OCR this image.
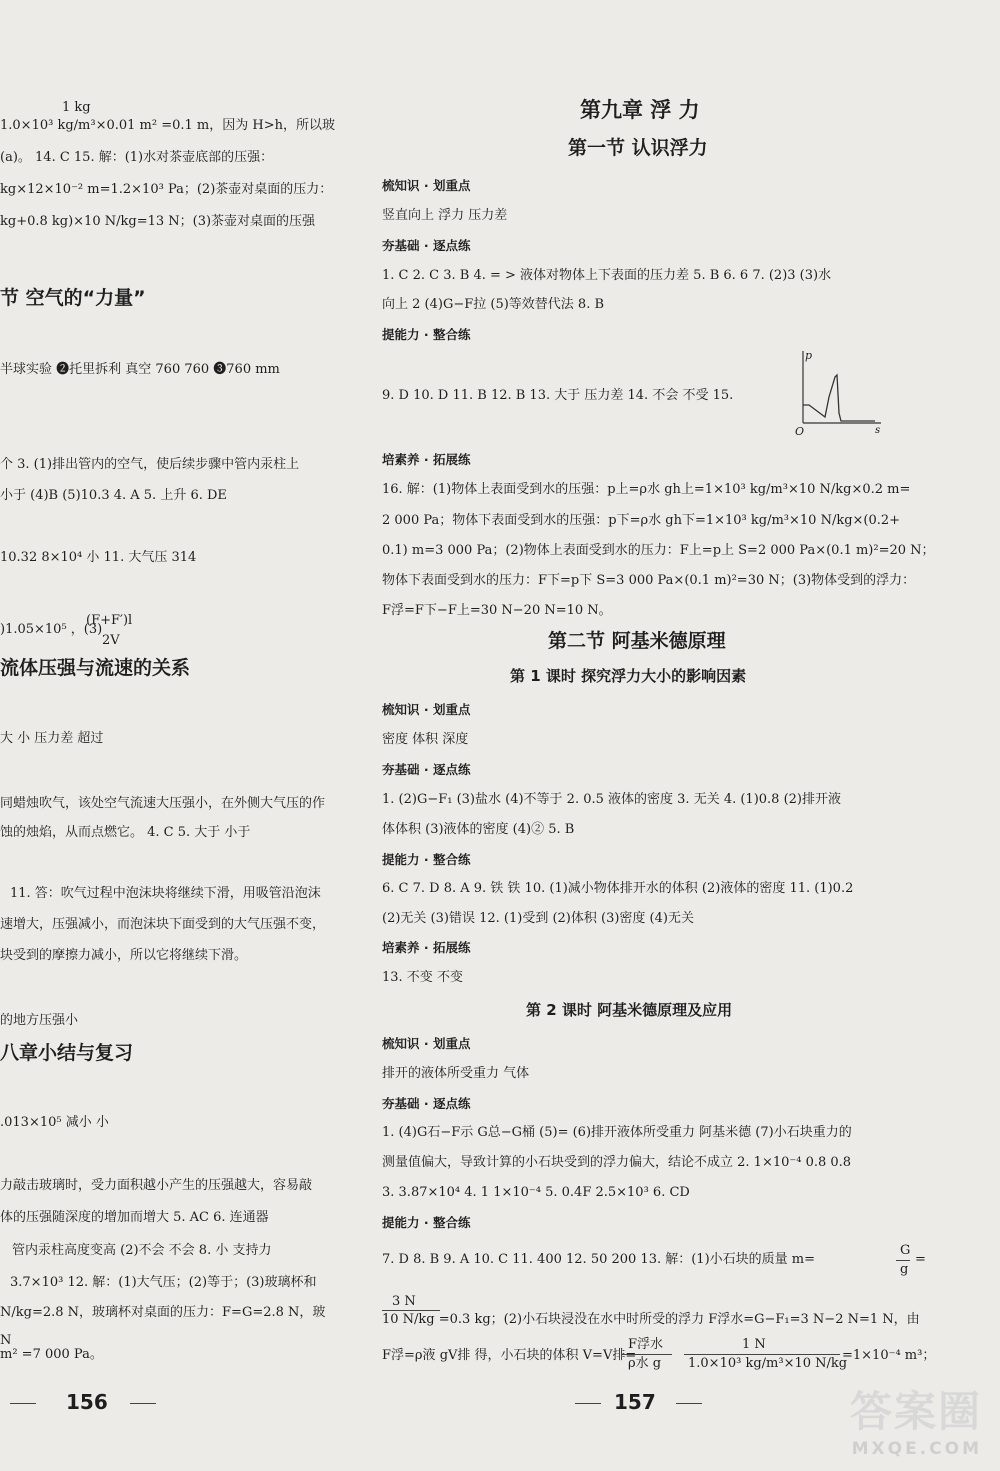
1 kg
1.0×10³ kg/m³×0.01 m² =0.1 m，因为 H>h，所以玻
(a)。 14. C 15. 解：(1)水对茶壶底部的压强：
kg×12×10⁻² m=1.2×10³ Pa；(2)茶壶对桌面的压力：
kg+0.8 kg)×10 N/kg=13 N；(3)茶壶对桌面的压强
节 空气的“力量”
半球实验 ❷托里拆利 真空 760 760 ❸760 mm
个 3. (1)排出管内的空气，使后续步骤中管内汞柱上
小于 (4)B (5)10.3 4. A 5. 上升 6. DE
10.32 8×10⁴ 小 11. 大气压 314
(F+F′)l
)1.05×10⁵ ，(3)
2V
流体压强与流速的关系
大 小 压力差 超过
同蜡烛吹气，该处空气流速大压强小，在外侧大气压的作
蚀的烛焰，从而点燃它。 4. C 5. 大于 小于
11. 答：吹气过程中泡沫块将继续下滑，用吸管沿泡沫
速增大，压强减小，而泡沫块下面受到的大气压强不变，
块受到的摩擦力减小，所以它将继续下滑。
的地方压强小
八章小结与复习
.013×10⁵ 减小 小
力敲击玻璃时，受力面积越小产生的压强越大，容易敲
体的压强随深度的增加而增大 5. AC 6. 连通器
管内汞柱高度变高 (2)不会 不会 8. 小 支持力
3.7×10³ 12. 解：(1)大气压；(2)等于；(3)玻璃杯和
N/kg=2.8 N，玻璃杯对桌面的压力：F=G=2.8 N，玻
N
m² =7 000 Pa。
p
s
O
第九章 浮 力
第一节 认识浮力
梳知识 · 划重点
竖直向上 浮力 压力差
夯基础 · 逐点练
1. C 2. C 3. B 4. = > 液体对物体上下表面的压力差 5. B 6. 6 7. (2)3 (3)水
向上 2 (4)G−F拉 (5)等效替代法 8. B
提能力 · 整合练
9. D 10. D 11. B 12. B 13. 大于 压力差 14. 不会 不受 15.
培素养 · 拓展练
16. 解：(1)物体上表面受到水的压强：p上=ρ水 gh上=1×10³ kg/m³×10 N/kg×0.2 m=
2 000 Pa；物体下表面受到水的压强：p下=ρ水 gh下=1×10³ kg/m³×10 N/kg×(0.2+
0.1) m=3 000 Pa；(2)物体上表面受到水的压力：F上=p上 S=2 000 Pa×(0.1 m)²=20 N；
物体下表面受到水的压力：F下=p下 S=3 000 Pa×(0.1 m)²=30 N；(3)物体受到的浮力：
F浮=F下−F上=30 N−20 N=10 N。
第二节 阿基米德原理
第 1 课时 探究浮力大小的影响因素
梳知识 · 划重点
密度 体积 深度
夯基础 · 逐点练
1. (2)G−F₁ (3)盐水 (4)不等于 2. 0.5 液体的密度 3. 无关 4. (1)0.8 (2)排开液
体体积 (3)液体的密度 (4)② 5. B
提能力 · 整合练
6. C 7. D 8. A 9. 铁 铁 10. (1)减小物体排开水的体积 (2)液体的密度 11. (1)0.2
(2)无关 (3)错误 12. (1)受到 (2)体积 (3)密度 (4)无关
培素养 · 拓展练
13. 不变 不变
第 2 课时 阿基米德原理及应用
梳知识 · 划重点
排开的液体所受重力 气体
夯基础 · 逐点练
1. (4)G石−F示 G总−G桶 (5)= (6)排开液体所受重力 阿基米德 (7)小石块重力的
测量值偏大，导致计算的小石块受到的浮力偏大，结论不成立 2. 1×10⁻⁴ 0.8 0.8
3. 3.87×10⁴ 4. 1 1×10⁻⁴ 5. 0.4F 2.5×10³ 6. CD
提能力 · 整合练
7. D 8. B 9. A 10. C 11. 400 12. 50 200 13. 解：(1)小石块的质量 m=
G
g
=
3 N
10 N/kg =0.3 kg；(2)小石块浸没在水中时所受的浮力 F浮水=G−F₁=3 N−2 N=1 N，由
F浮=ρ液 gV排 得，小石块的体积 V=V排=
F浮水
ρ水 g
1 N
1.0×10³ kg/m³×10 N/kg
=1×10⁻⁴ m³；
156	157	答案圈
MXQE.COM
